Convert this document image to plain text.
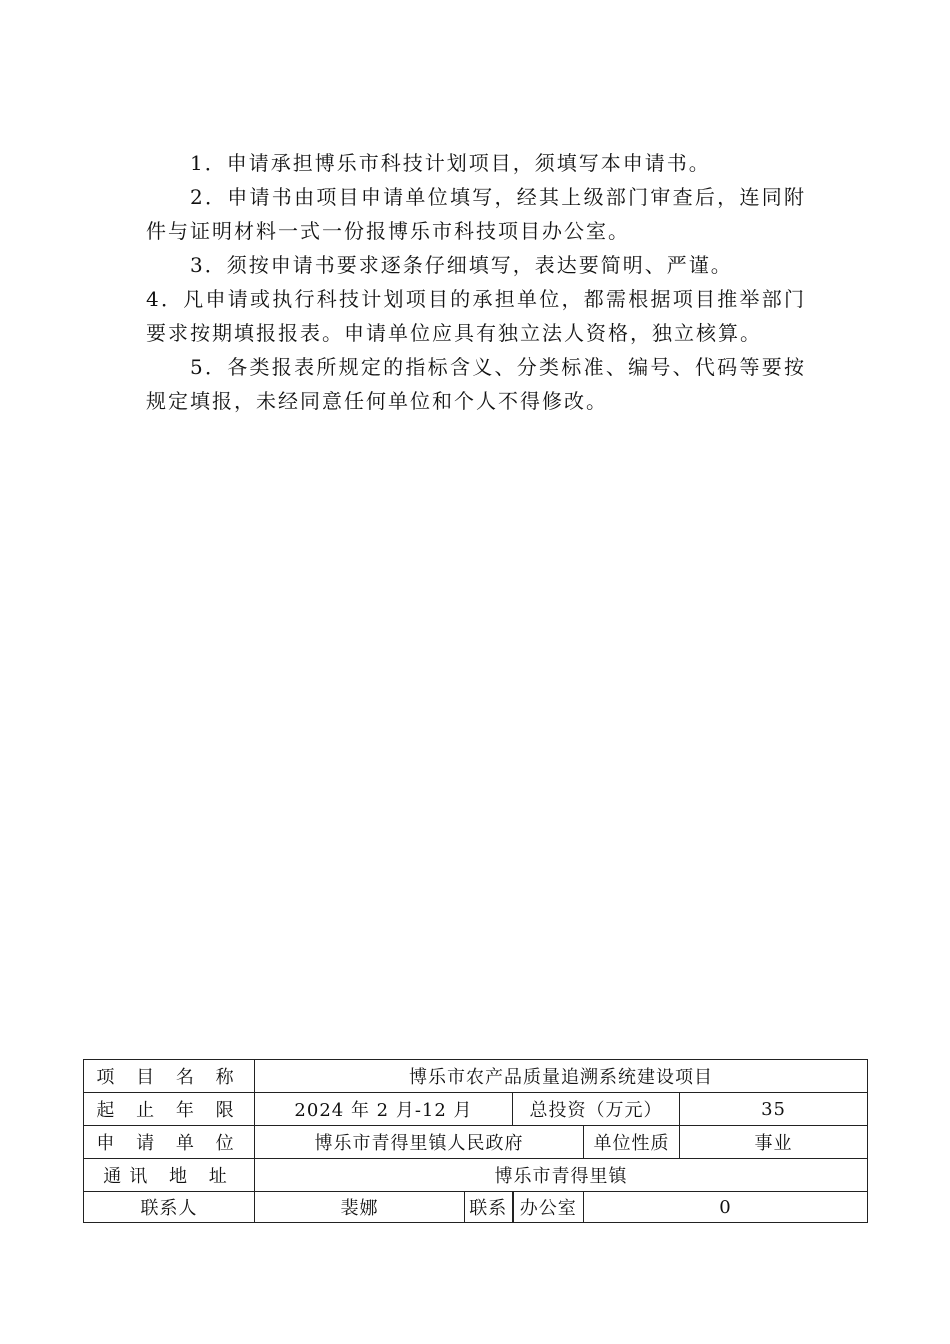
1．申请承担博乐市科技计划项目，须填写本申请书。

2．申请书由项目申请单位填写，经其上级部门审查后，连同附件与证明材料一式一份报博乐市科技项目办公室。

3．须按申请书要求逐条仔细填写，表达要简明、严谨。

4．凡申请或执行科技计划项目的承担单位，都需根据项目推举部门要求按期填报报表。申请单位应具有独立法人资格，独立核算。

5．各类报表所规定的指标含义、分类标准、编号、代码等要按规定填报，未经同意任何单位和个人不得修改。

项 目 名 称	博乐市农产品质量追溯系统建设项目				
起 止 年 限	2024 年 2 月-12 月		总投资（万元）		35
申 请 单 位	博乐市青得里镇人民政府			单位性质	事业
通讯 地 址	博乐市青得里镇				
联系人	裴娜	联系	办公室	0	
